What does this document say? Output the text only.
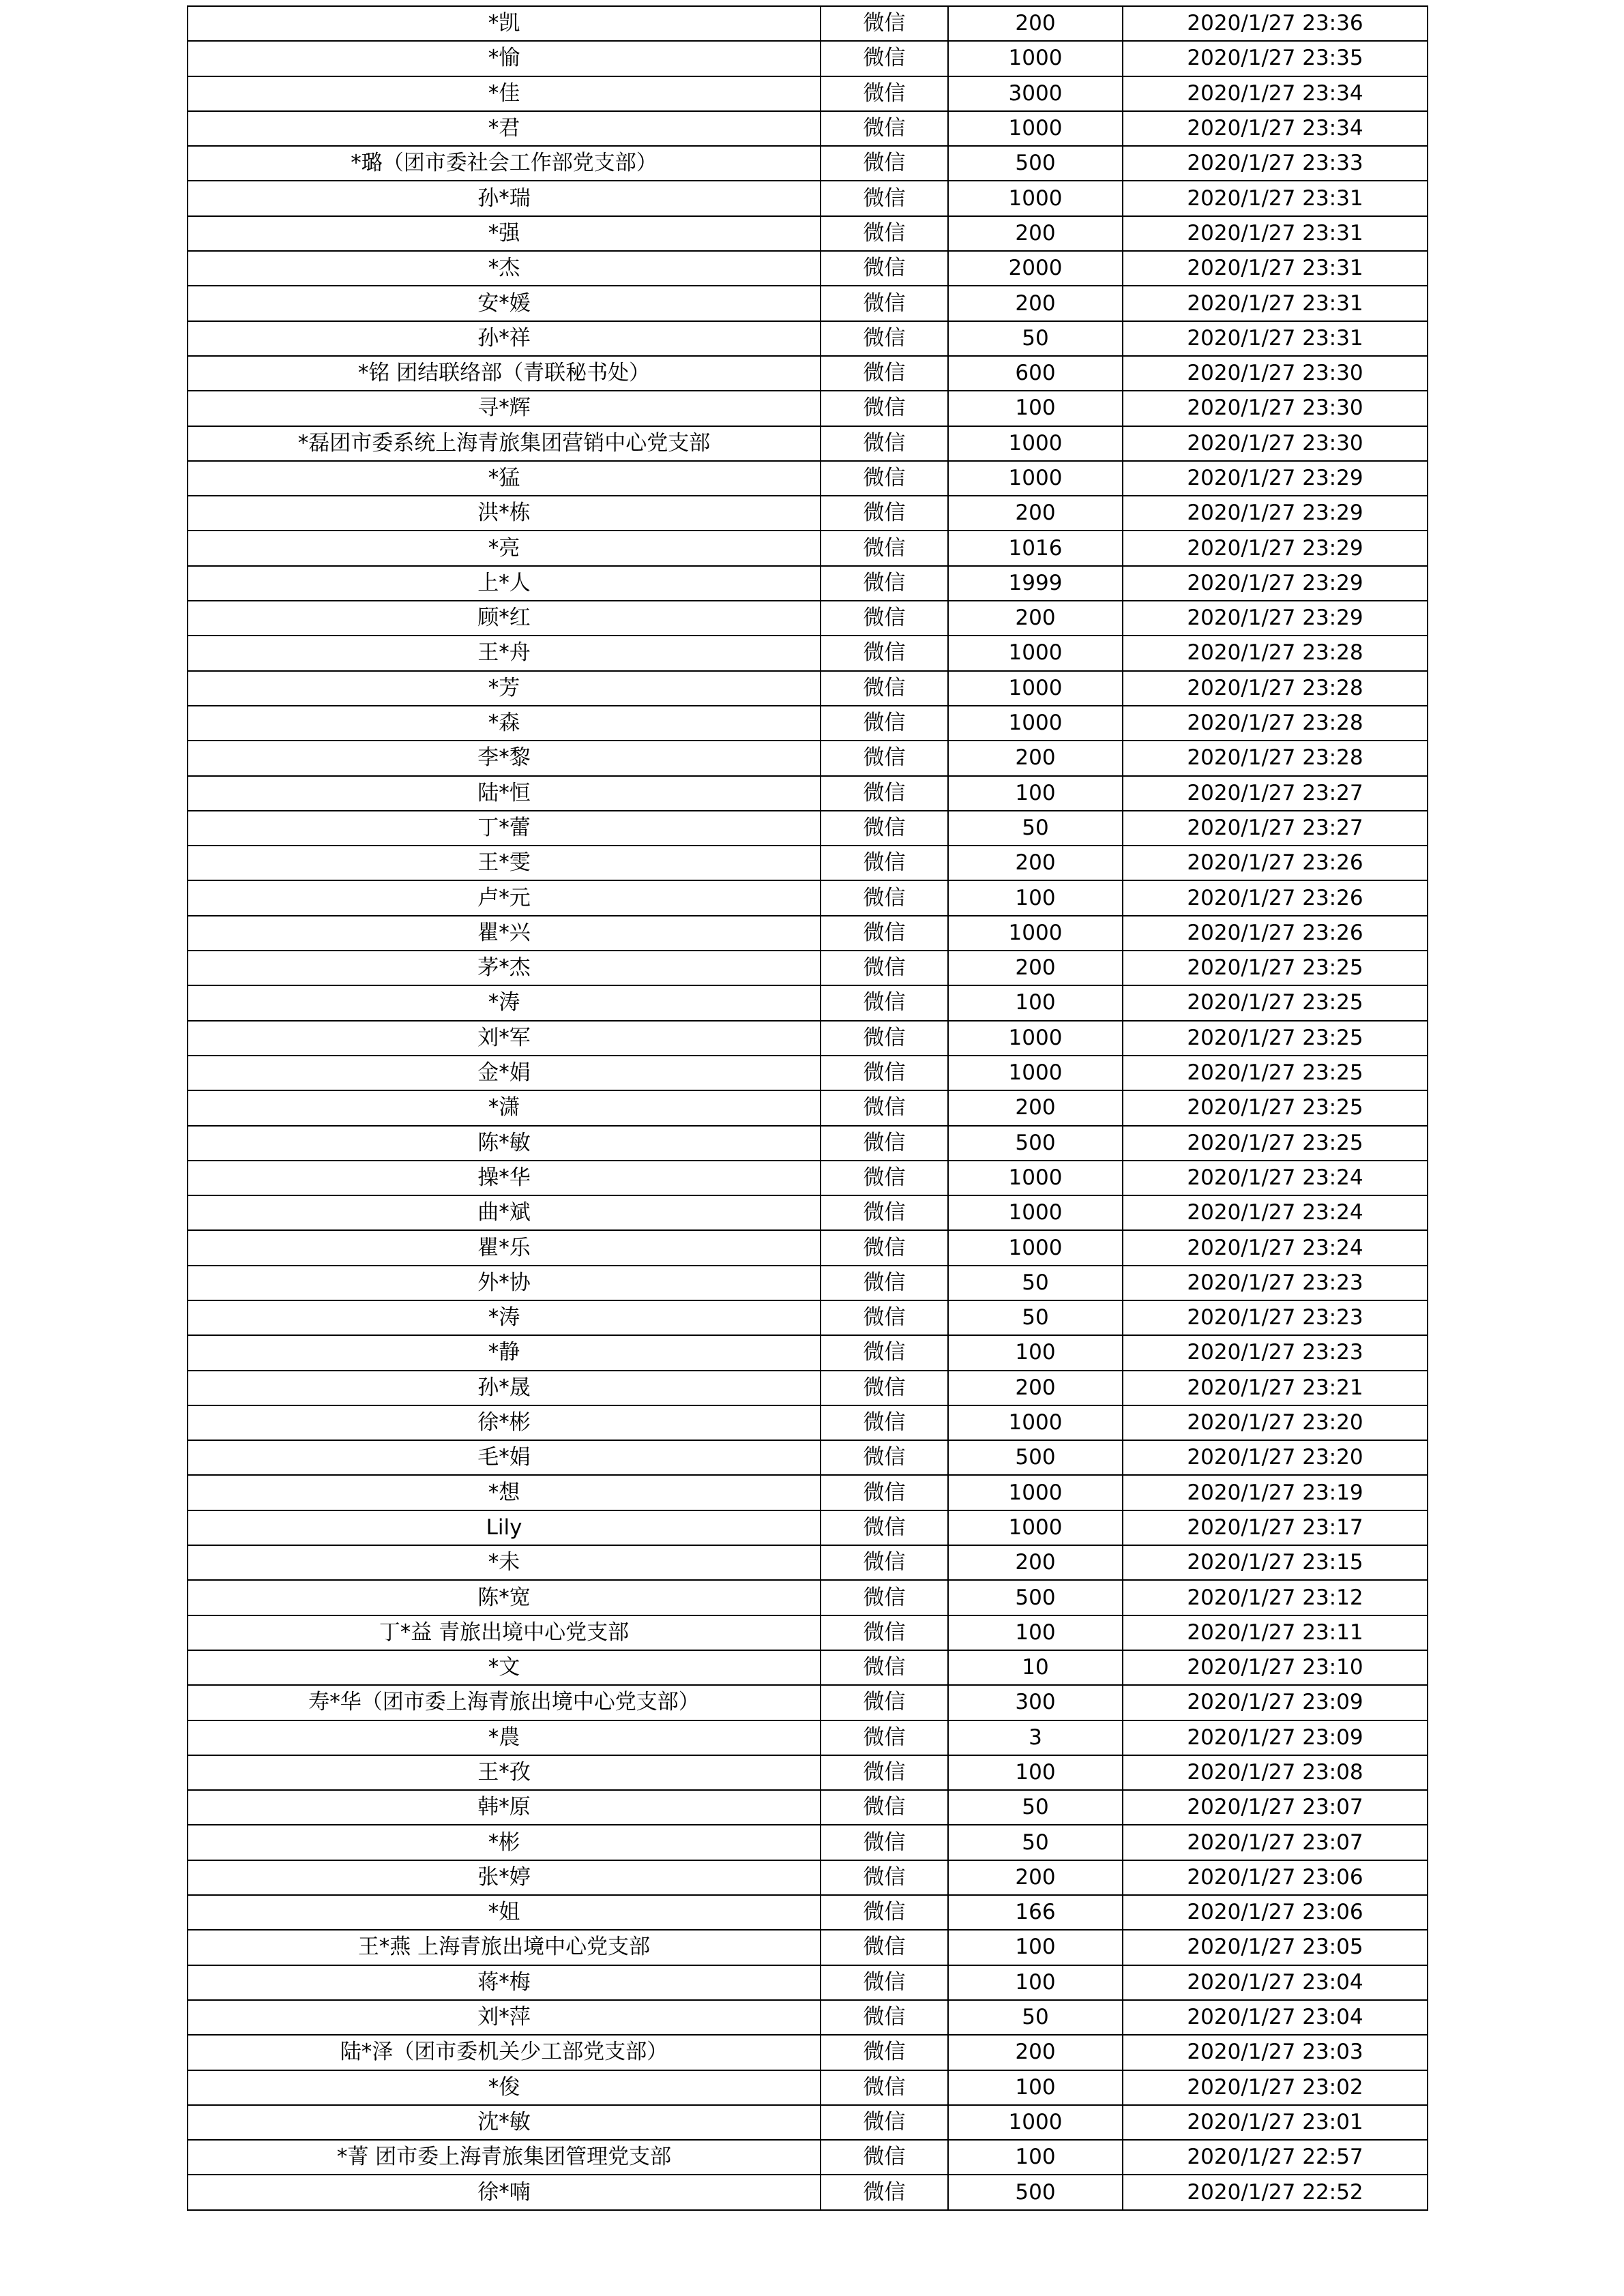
*凯	微信	200	2020/1/27 23:36
*愉	微信	1000	2020/1/27 23:35
*佳	微信	3000	2020/1/27 23:34
*君	微信	1000	2020/1/27 23:34
*璐（团市委社会工作部党支部）	微信	500	2020/1/27 23:33
孙*瑞	微信	1000	2020/1/27 23:31
*强	微信	200	2020/1/27 23:31
*杰	微信	2000	2020/1/27 23:31
安*媛	微信	200	2020/1/27 23:31
孙*祥	微信	50	2020/1/27 23:31
*铭 团结联络部（青联秘书处）	微信	600	2020/1/27 23:30
寻*辉	微信	100	2020/1/27 23:30
*磊团市委系统上海青旅集团营销中心党支部	微信	1000	2020/1/27 23:30
*猛	微信	1000	2020/1/27 23:29
洪*栋	微信	200	2020/1/27 23:29
*亮	微信	1016	2020/1/27 23:29
上*人	微信	1999	2020/1/27 23:29
顾*红	微信	200	2020/1/27 23:29
王*舟	微信	1000	2020/1/27 23:28
*芳	微信	1000	2020/1/27 23:28
*森	微信	1000	2020/1/27 23:28
李*黎	微信	200	2020/1/27 23:28
陆*恒	微信	100	2020/1/27 23:27
丁*蕾	微信	50	2020/1/27 23:27
王*雯	微信	200	2020/1/27 23:26
卢*元	微信	100	2020/1/27 23:26
瞿*兴	微信	1000	2020/1/27 23:26
茅*杰	微信	200	2020/1/27 23:25
*涛	微信	100	2020/1/27 23:25
刘*军	微信	1000	2020/1/27 23:25
金*娟	微信	1000	2020/1/27 23:25
*潇	微信	200	2020/1/27 23:25
陈*敏	微信	500	2020/1/27 23:25
操*华	微信	1000	2020/1/27 23:24
曲*斌	微信	1000	2020/1/27 23:24
瞿*乐	微信	1000	2020/1/27 23:24
外*协	微信	50	2020/1/27 23:23
*涛	微信	50	2020/1/27 23:23
*静	微信	100	2020/1/27 23:23
孙*晟	微信	200	2020/1/27 23:21
徐*彬	微信	1000	2020/1/27 23:20
毛*娟	微信	500	2020/1/27 23:20
*想	微信	1000	2020/1/27 23:19
Lily	微信	1000	2020/1/27 23:17
*未	微信	200	2020/1/27 23:15
陈*宽	微信	500	2020/1/27 23:12
丁*益 青旅出境中心党支部	微信	100	2020/1/27 23:11
*文	微信	10	2020/1/27 23:10
寿*华（团市委上海青旅出境中心党支部）	微信	300	2020/1/27 23:09
*農	微信	3	2020/1/27 23:09
王*孜	微信	100	2020/1/27 23:08
韩*原	微信	50	2020/1/27 23:07
*彬	微信	50	2020/1/27 23:07
张*婷	微信	200	2020/1/27 23:06
*姐	微信	166	2020/1/27 23:06
王*燕 上海青旅出境中心党支部	微信	100	2020/1/27 23:05
蒋*梅	微信	100	2020/1/27 23:04
刘*萍	微信	50	2020/1/27 23:04
陆*泽（团市委机关少工部党支部）	微信	200	2020/1/27 23:03
*俊	微信	100	2020/1/27 23:02
沈*敏	微信	1000	2020/1/27 23:01
*菁 团市委上海青旅集团管理党支部	微信	100	2020/1/27 22:57
徐*喃	微信	500	2020/1/27 22:52
